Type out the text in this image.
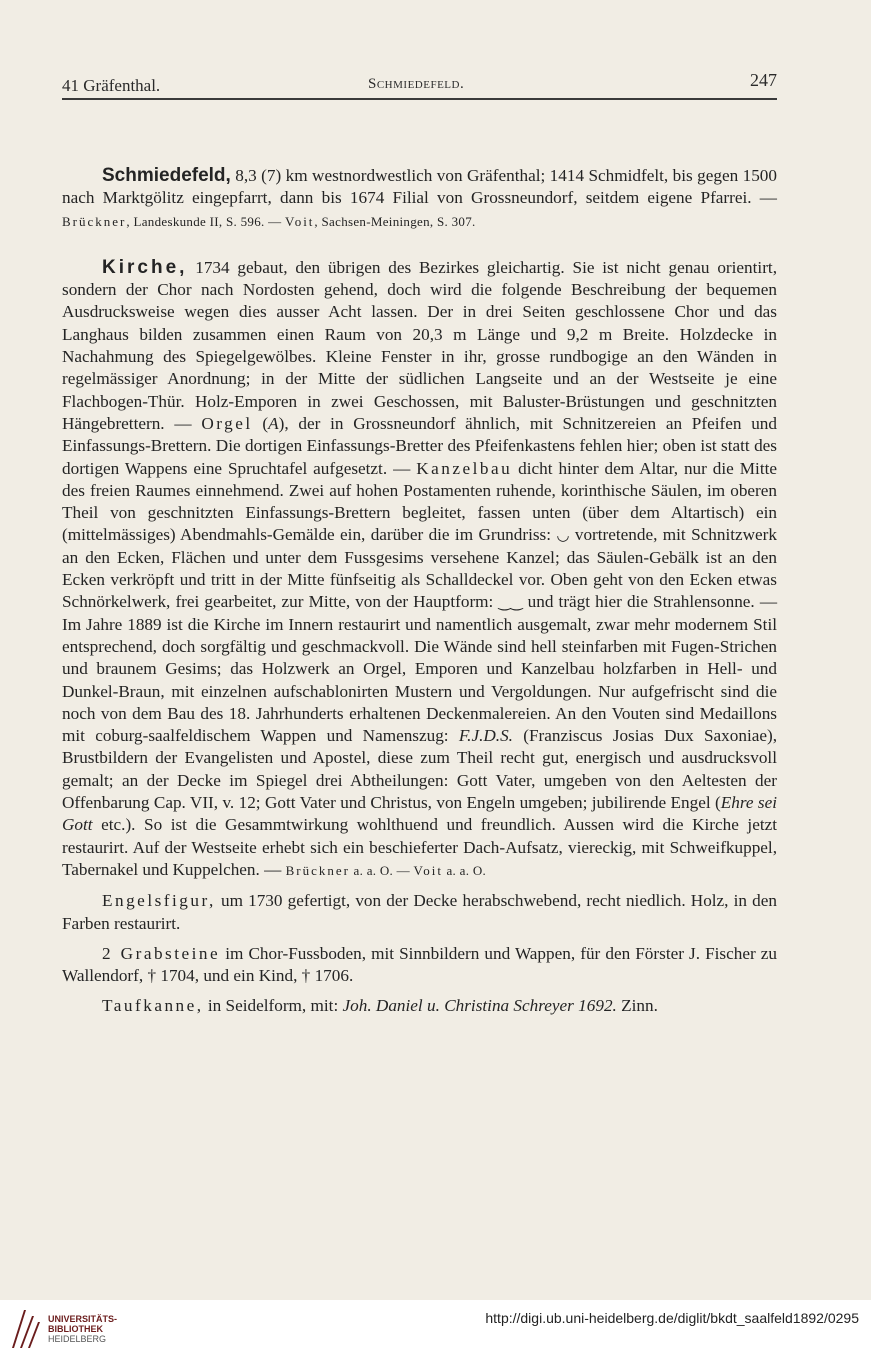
41 Gräfenthal.	Schmiedefeld.	247

Schmiedefeld, 8,3 (7) km westnordwestlich von Gräfenthal; 1414 Schmidfelt, bis gegen 1500 nach Marktgölitz eingepfarrt, dann bis 1674 Filial von Grossneundorf, seitdem eigene Pfarrei. — Brückner, Landeskunde II, S. 596. — Voit, Sachsen-Meiningen, S. 307.

Kirche, 1734 gebaut, den übrigen des Bezirkes gleichartig. Sie ist nicht genau orientirt, sondern der Chor nach Nordosten gehend, doch wird die folgende Beschreibung der bequemen Ausdrucksweise wegen dies ausser Acht lassen. Der in drei Seiten geschlossene Chor und das Langhaus bilden zusammen einen Raum von 20,3 m Länge und 9,2 m Breite. Holzdecke in Nachahmung des Spiegelgewölbes. Kleine Fenster in ihr, grosse rundbogige an den Wänden in regelmässiger Anordnung; in der Mitte der südlichen Langseite und an der Westseite je eine Flachbogen-Thür. Holz-Emporen in zwei Geschossen, mit Baluster-Brüstungen und geschnitzten Hängebrettern. — Orgel (A), der in Grossneundorf ähnlich, mit Schnitzereien an Pfeifen und Einfassungs-Brettern. Die dortigen Einfassungs-Bretter des Pfeifenkastens fehlen hier; oben ist statt des dortigen Wappens eine Spruchtafel aufgesetzt. — Kanzelbau dicht hinter dem Altar, nur die Mitte des freien Raumes einnehmend. Zwei auf hohen Postamenten ruhende, korinthische Säulen, im oberen Theil von geschnitzten Einfassungs-Brettern begleitet, fassen unten (über dem Altartisch) ein (mittelmässiges) Abendmahls-Gemälde ein, darüber die im Grundriss: ◡ vortretende, mit Schnitzwerk an den Ecken, Flächen und unter dem Fussgesims versehene Kanzel; das Säulen-Gebälk ist an den Ecken verkröpft und tritt in der Mitte fünfseitig als Schalldeckel vor. Oben geht von den Ecken etwas Schnörkelwerk, frei gearbeitet, zur Mitte, von der Hauptform: ‿‿ und trägt hier die Strahlensonne. — Im Jahre 1889 ist die Kirche im Innern restaurirt und namentlich ausgemalt, zwar mehr modernem Stil entsprechend, doch sorgfältig und geschmackvoll. Die Wände sind hell steinfarben mit Fugen-Strichen und braunem Gesims; das Holzwerk an Orgel, Emporen und Kanzelbau holzfarben in Hell- und Dunkel-Braun, mit einzelnen aufschablonirten Mustern und Vergoldungen. Nur aufgefrischt sind die noch von dem Bau des 18. Jahrhunderts erhaltenen Deckenmalereien. An den Vouten sind Medaillons mit coburg-saalfeldischem Wappen und Namenszug: F.J.D.S. (Franziscus Josias Dux Saxoniae), Brustbildern der Evangelisten und Apostel, diese zum Theil recht gut, energisch und ausdrucksvoll gemalt; an der Decke im Spiegel drei Abtheilungen: Gott Vater, umgeben von den Aeltesten der Offenbarung Cap. VII, v. 12; Gott Vater und Christus, von Engeln umgeben; jubilirende Engel (Ehre sei Gott etc.). So ist die Gesammtwirkung wohlthuend und freundlich. Aussen wird die Kirche jetzt restaurirt. Auf der Westseite erhebt sich ein beschieferter Dach-Aufsatz, viereckig, mit Schweifkuppel, Tabernakel und Kuppelchen. — Brückner a. a. O. — Voit a. a. O.

Engelsfigur, um 1730 gefertigt, von der Decke herabschwebend, recht niedlich. Holz, in den Farben restaurirt.

2 Grabsteine im Chor-Fussboden, mit Sinnbildern und Wappen, für den Förster J. Fischer zu Wallendorf, † 1704, und ein Kind, † 1706.

Taufkanne, in Seidelform, mit: Joh. Daniel u. Christina Schreyer 1692. Zinn.

UNIVERSITÄTS-
BIBLIOTHEK
HEIDELBERG
http://digi.ub.uni-heidelberg.de/diglit/bkdt_saalfeld1892/0295
